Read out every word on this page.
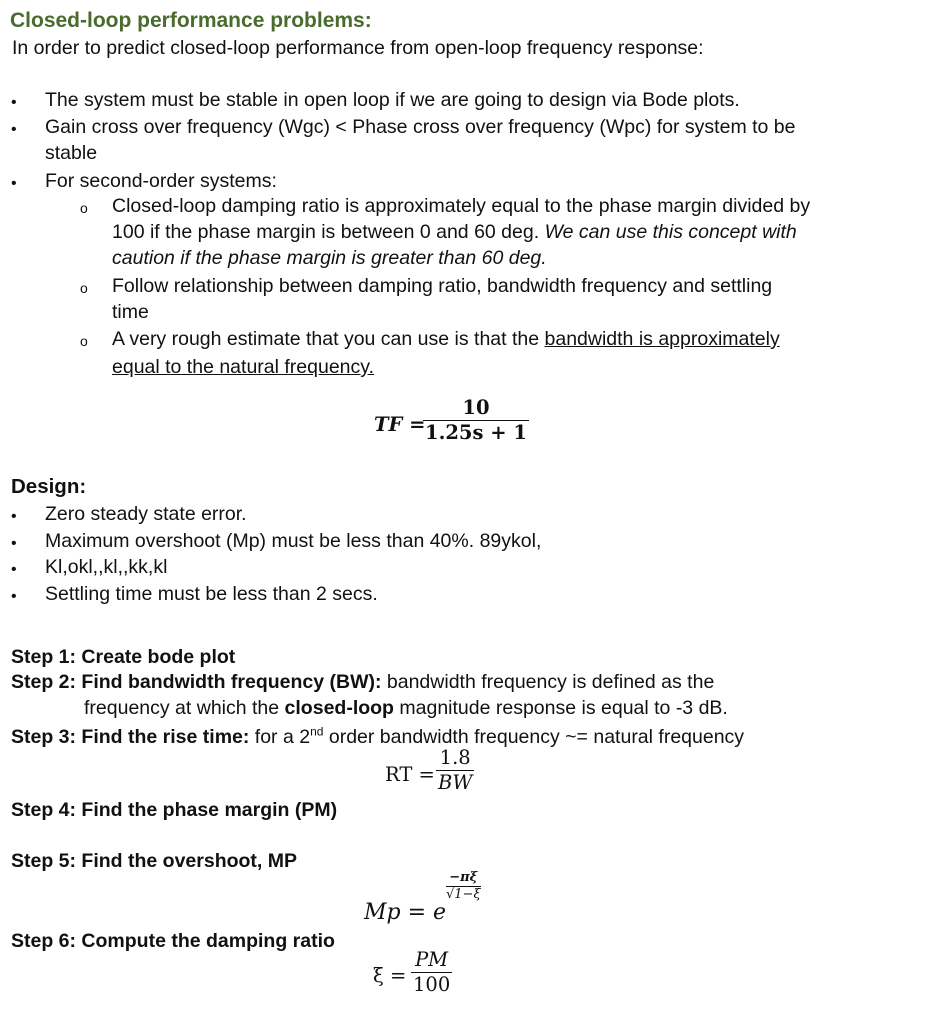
Closed-loop performance problems:
In order to predict closed-loop performance from open-loop frequency response:
• The system must be stable in open loop if we are going to design via Bode plots.
• Gain cross over frequency (Wgc) < Phase cross over frequency (Wpc) for system to be
stable
• For second-order systems:
o Closed-loop damping ratio is approximately equal to the phase margin divided by
100 if the phase margin is between 0 and 60 deg. We can use this concept with
caution if the phase margin is greater than 60 deg.
o Follow relationship between damping ratio, bandwidth frequency and settling
time
o A very rough estimate that you can use is that the bandwidth is approximately
equal to the natural frequency.
TF =
10
1.25s + 1
Design:
• Zero steady state error.
• Maximum overshoot (Mp) must be less than 40%. 89ykol,
• Kl,okl,,kl,,kk,kl
• Settling time must be less than 2 secs.
Step 1: Create bode plot
Step 2: Find bandwidth frequency (BW): bandwidth frequency is defined as the
frequency at which the closed-loop magnitude response is equal to -3 dB.
Step 3: Find the rise time: for a 2nd order bandwidth frequency ~= natural frequency
RT =
1.8
BW
Step 4: Find the phase margin (PM)
Step 5: Find the overshoot, MP
Mp = e
−πξ
√1−ξ
Step 6: Compute the damping ratio
ξ =
PM
100
